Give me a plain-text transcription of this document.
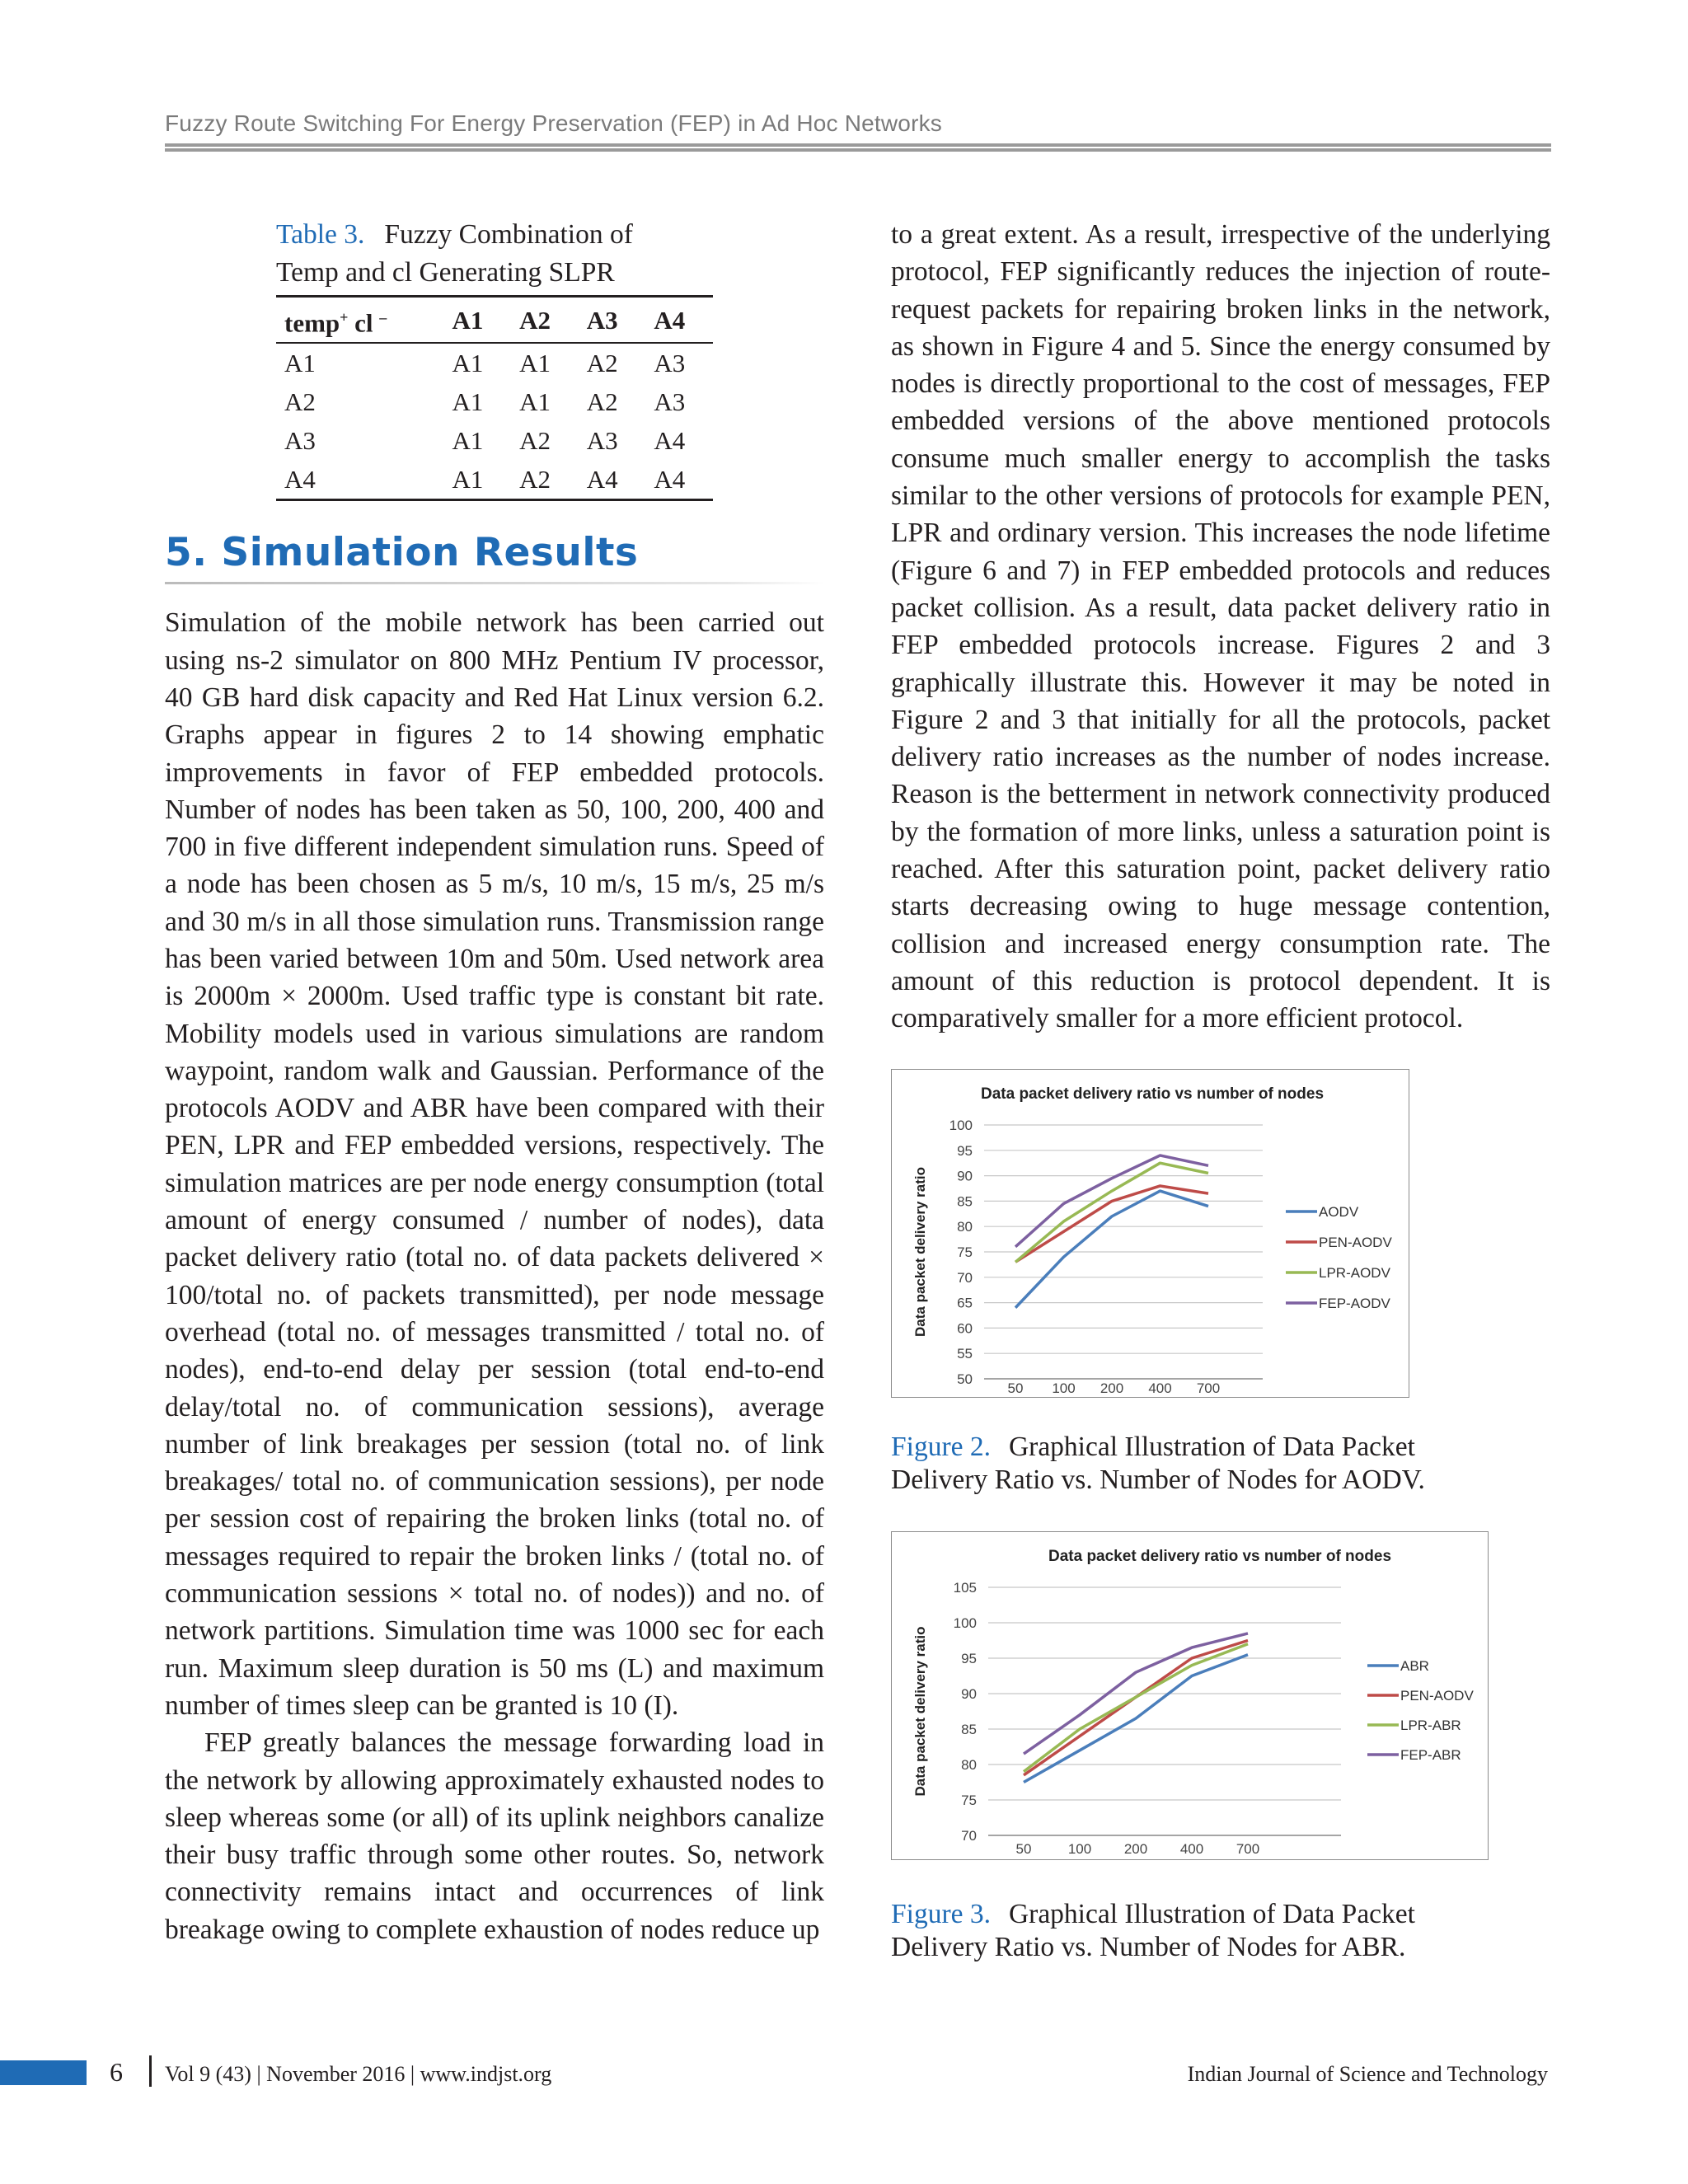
Fuzzy Route Switching For Energy Preservation (FEP) in Ad Hoc Networks
Table 3. Fuzzy Combination of
Temp and cl Generating SLPR
temp+ cl –	A1	A2	A3	A4
A1	A1	A1	A2	A3
A2	A1	A1	A2	A3
A3	A1	A2	A3	A4
A4	A1	A2	A4	A4
5. Simulation Results

Simulation of the mobile network has been carried out using ns-2 simulator on 800 MHz Pentium IV processor, 40 GB hard disk capacity and Red Hat Linux version 6.2. Graphs appear in figures 2 to 14 showing emphatic improvements in favor of FEP embedded protocols. Number of nodes has been taken as 50, 100, 200, 400 and 700 in five different independent simulation runs. Speed of a node has been chosen as 5 m/s, 10 m/s, 15 m/s, 25 m/s and 30 m/s in all those simulation runs. Transmission range has been varied between 10m and 50m. Used network area is 2000m × 2000m. Used traffic type is constant bit rate. Mobility models used in various simulations are random waypoint, random walk and Gaussian. Performance of the protocols AODV and ABR have been compared with their PEN, LPR and FEP embedded versions, respectively. The simulation matrices are per node energy consumption (total amount of energy consumed / number of nodes), data packet delivery ratio (total no. of data packets delivered × 100/total no. of packets transmitted), per node message overhead (total no. of messages transmitted / total no. of nodes), end-to-end delay per session (total end-to-end delay/total no. of communication sessions), average number of link breakages per session (total no. of link breakages/ total no. of communication sessions), per node per session cost of repairing the broken links (total no. of messages required to repair the broken links / (total no. of communication sessions × total no. of nodes)) and no. of network partitions. Simulation time was 1000 sec for each run. Maximum sleep duration is 50 ms (L) and maximum number of times sleep can be granted is 10 (I).

FEP greatly balances the message forwarding load in the network by allowing approximately exhausted nodes to sleep whereas some (or all) of its uplink neighbors canalize their busy traffic through some other routes. So, network connectivity remains intact and occurrences of link breakage owing to complete exhaustion of nodes reduce up

to a great extent. As a result, irrespective of the underlying protocol, FEP significantly reduces the injection of route-request packets for repairing broken links in the network, as shown in Figure 4 and 5. Since the energy consumed by nodes is directly proportional to the cost of messages, FEP embedded versions of the above mentioned protocols consume much smaller energy to accomplish the tasks similar to the other versions of protocols for example PEN, LPR and ordinary version. This increases the node lifetime (Figure 6 and 7) in FEP embedded protocols and reduces packet collision. As a result, data packet delivery ratio in FEP embedded protocols increase. Figures 2 and 3 graphically illustrate this. However it may be noted in Figure 2 and 3 that initially for all the protocols, packet delivery ratio increases as the number of nodes increase. Reason is the betterment in network connectivity produced by the formation of more links, unless a saturation point is reached. After this saturation point, packet delivery ratio starts decreasing owing to huge message contention, collision and increased energy consumption rate. The amount of this reduction is protocol dependent. It is comparatively smaller for a more efficient protocol.

Data packet delivery ratio vs number of nodes
50
55
60
65
70
75
80
85
90
95
100
50 100 200 400 700
Data packet delivery ratio	AODV
PEN-AODV
LPR-AODV
FEP-AODV
Figure 2. Graphical Illustration of Data Packet
Delivery Ratio vs. Number of Nodes for AODV.
Data packet delivery ratio vs number of nodes
70
75
80
85
90
95
100
105
50	100 200 400 700
Data packet delivery ratio	ABR
PEN-AODV
LPR-ABR
FEP-ABR
Figure 3. Graphical Illustration of Data Packet
Delivery Ratio vs. Number of Nodes for ABR.
6 Vol 9 (43) | November 2016 | www.indjst.org	Indian Journal of Science and Technology
